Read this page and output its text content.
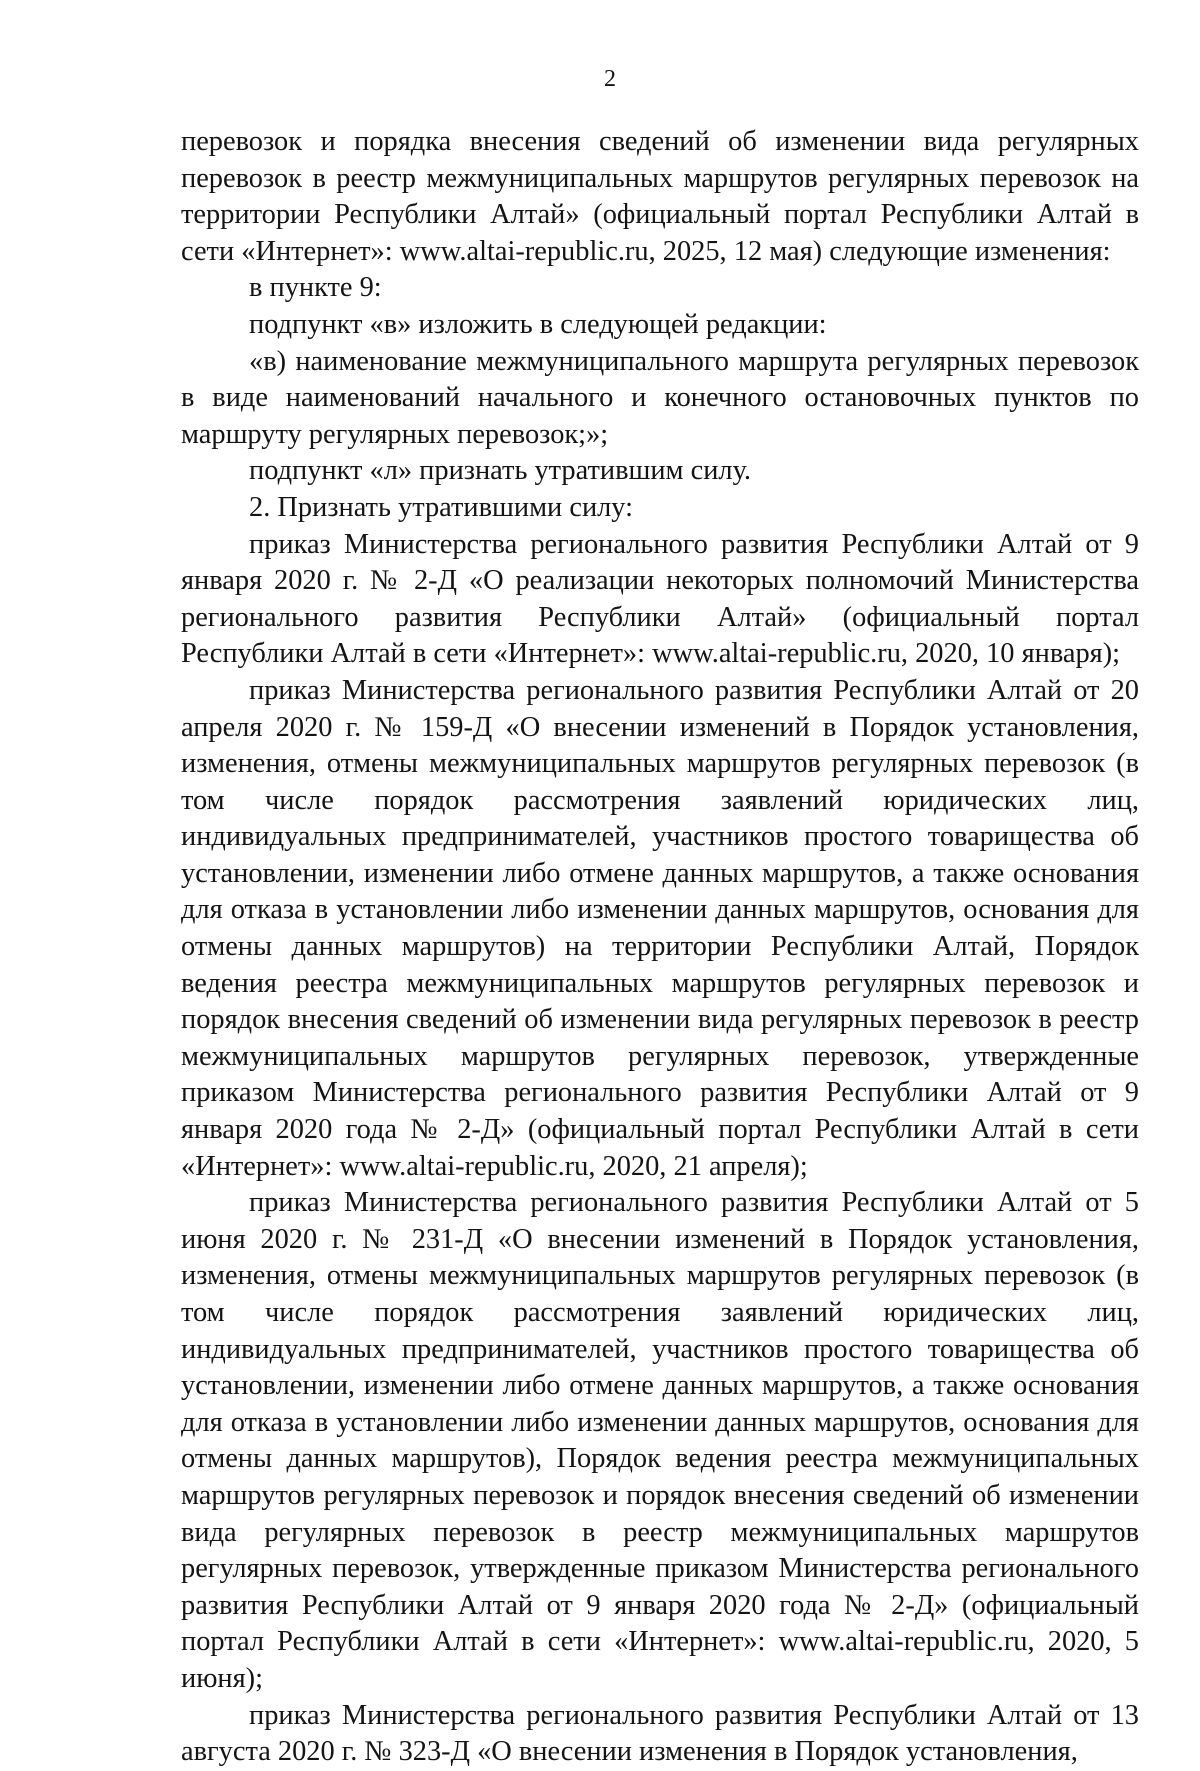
2

перевозок и порядка внесения сведений об изменении вида регулярных перевозок в реестр межмуниципальных маршрутов регулярных перевозок на территории Республики Алтай» (официальный портал Республики Алтай в сети «Интернет»: www.altai-republic.ru, 2025, 12 мая) следующие изменения:

в пункте 9:

подпункт «в» изложить в следующей редакции:

«в) наименование межмуниципального маршрута регулярных перевозок в виде наименований начального и конечного остановочных пунктов по маршруту регулярных перевозок;»;

подпункт «л» признать утратившим силу.

2. Признать утратившими силу:

приказ Министерства регионального развития Республики Алтай от 9 января 2020 г. № 2-Д «О реализации некоторых полномочий Министерства регионального развития Республики Алтай» (официальный портал Республики Алтай в сети «Интернет»: www.altai-republic.ru, 2020, 10 января);

приказ Министерства регионального развития Республики Алтай от 20 апреля 2020 г. № 159-Д «О внесении изменений в Порядок установления, изменения, отмены межмуниципальных маршрутов регулярных перевозок (в том числе порядок рассмотрения заявлений юридических лиц, индивидуальных предпринимателей, участников простого товарищества об установлении, изменении либо отмене данных маршрутов, а также основания для отказа в установлении либо изменении данных маршрутов, основания для отмены данных маршрутов) на территории Республики Алтай, Порядок ведения реестра межмуниципальных маршрутов регулярных перевозок и порядок внесения сведений об изменении вида регулярных перевозок в реестр межмуниципальных маршрутов регулярных перевозок, утвержденные приказом Министерства регионального развития Республики Алтай от 9 января 2020 года № 2-Д» (официальный портал Республики Алтай в сети «Интернет»: www.altai-republic.ru, 2020, 21 апреля);

приказ Министерства регионального развития Республики Алтай от 5 июня 2020 г. № 231-Д «О внесении изменений в Порядок установления, изменения, отмены межмуниципальных маршрутов регулярных перевозок (в том числе порядок рассмотрения заявлений юридических лиц, индивидуальных предпринимателей, участников простого товарищества об установлении, изменении либо отмене данных маршрутов, а также основания для отказа в установлении либо изменении данных маршрутов, основания для отмены данных маршрутов), Порядок ведения реестра межмуниципальных маршрутов регулярных перевозок и порядок внесения сведений об изменении вида регулярных перевозок в реестр межмуниципальных маршрутов регулярных перевозок, утвержденные приказом Министерства регионального развития Республики Алтай от 9 января 2020 года № 2-Д» (официальный портал Республики Алтай в сети «Интернет»: www.altai-republic.ru, 2020, 5 июня);

приказ Министерства регионального развития Республики Алтай от 13 августа 2020 г. № 323-Д «О внесении изменения в Порядок установления,
